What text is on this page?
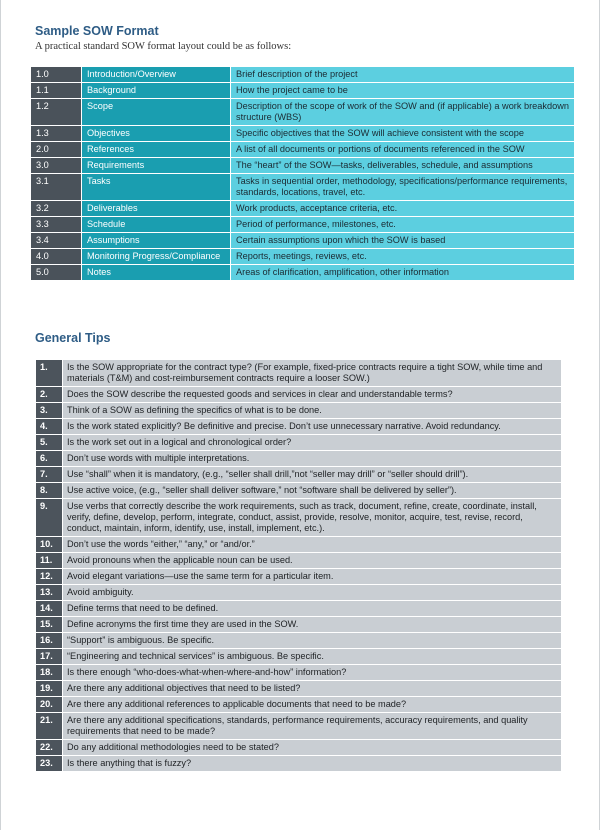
Sample SOW Format
A practical standard SOW format layout could be as follows:
1.0	Introduction/Overview	Brief description of the project
1.1	Background	How the project came to be
1.2	Scope	Description of the scope of work of the SOW and (if applicable) a work breakdown structure (WBS)
1.3	Objectives	Specific objectives that the SOW will achieve consistent with the scope
2.0	References	A list of all documents or portions of documents referenced in the SOW
3.0	Requirements	The “heart” of the SOW—tasks, deliverables, schedule, and assumptions
3.1	Tasks	Tasks in sequential order, methodology, specifications/performance requirements, standards, locations, travel, etc.
3.2	Deliverables	Work products, acceptance criteria, etc.
3.3	Schedule	Period of performance, milestones, etc.
3.4	Assumptions	Certain assumptions upon which the SOW is based
4.0	Monitoring Progress/Compliance	Reports, meetings, reviews, etc.
5.0	Notes	Areas of clarification, amplification, other information
General Tips
1.	Is the SOW appropriate for the contract type? (For example, fixed-price contracts require a tight SOW, while time and materials (T&M) and cost-reimbursement contracts require a looser SOW.)
2.	Does the SOW describe the requested goods and services in clear and understandable terms?
3.	Think of a SOW as defining the specifics of what is to be done.
4.	Is the work stated explicitly? Be definitive and precise. Don’t use unnecessary narrative. Avoid redundancy.
5.	Is the work set out in a logical and chronological order?
6.	Don’t use words with multiple interpretations.
7.	Use “shall” when it is mandatory, (e.g., “seller shall drill,”not “seller may drill” or “seller should drill”).
8.	Use active voice, (e.g., “seller shall deliver software,” not “software shall be delivered by seller”).
9.	Use verbs that correctly describe the work requirements, such as track, document, refine, create, coordinate, install, verify, define, develop, perform, integrate, conduct, assist, provide, resolve, monitor, acquire, test, revise, record, conduct, maintain, inform, identify, use, install, implement, etc.).
10.	Don’t use the words “either,” “any,” or “and/or.”
11.	Avoid pronouns when the applicable noun can be used.
12.	Avoid elegant variations—use the same term for a particular item.
13.	Avoid ambiguity.
14.	Define terms that need to be defined.
15.	Define acronyms the first time they are used in the SOW.
16.	“Support” is ambiguous. Be specific.
17.	“Engineering and technical services” is ambiguous. Be specific.
18.	Is there enough “who-does-what-when-where-and-how” information?
19.	Are there any additional objectives that need to be listed?
20.	Are there any additional references to applicable documents that need to be made?
21.	Are there any additional specifications, standards, performance requirements, accuracy requirements, and quality requirements that need to be made?
22.	Do any additional methodologies need to be stated?
23.	Is there anything that is fuzzy?
